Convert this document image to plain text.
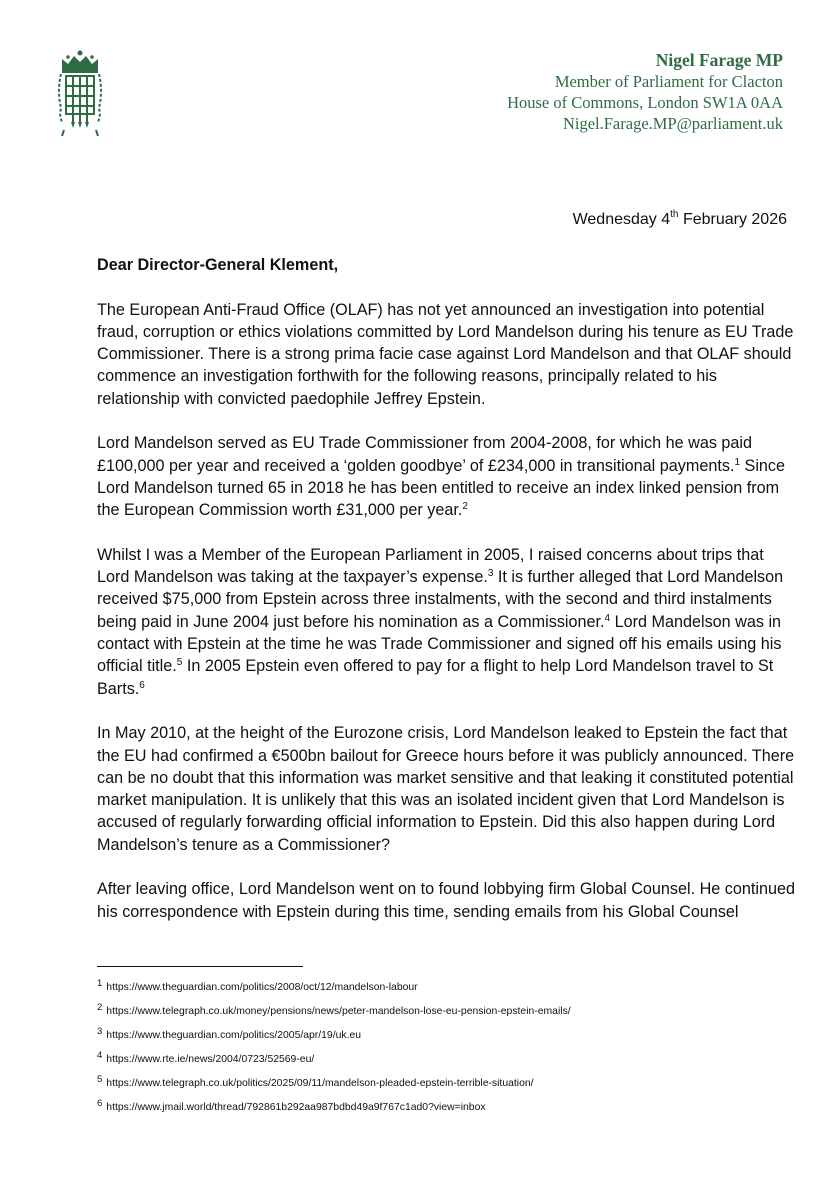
Nigel Farage MP
Member of Parliament for Clacton
House of Commons, London SW1A 0AA
Nigel.Farage.MP@parliament.uk
Wednesday 4th February 2026

Dear Director-General Klement,

The European Anti-Fraud Office (OLAF) has not yet announced an investigation into potential fraud, corruption or ethics violations committed by Lord Mandelson during his tenure as EU Trade Commissioner. There is a strong prima facie case against Lord Mandelson and that OLAF should commence an investigation forthwith for the following reasons, principally related to his relationship with convicted paedophile Jeffrey Epstein.

Lord Mandelson served as EU Trade Commissioner from 2004-2008, for which he was paid £100,000 per year and received a ‘golden goodbye’ of £234,000 in transitional payments.$^1$ Since Lord Mandelson turned 65 in 2018 he has been entitled to receive an index linked pension from the European Commission worth £31,000 per year.$^2$

Whilst I was a Member of the European Parliament in 2005, I raised concerns about trips that Lord Mandelson was taking at the taxpayer’s expense.$^3$ It is further alleged that Lord Mandelson received $75,000 from Epstein across three instalments, with the second and third instalments being paid in June 2004 just before his nomination as a Commissioner.$^4$ Lord Mandelson was in contact with Epstein at the time he was Trade Commissioner and signed off his emails using his official title.$^5$ In 2005 Epstein even offered to pay for a flight to help Lord Mandelson travel to St Barts.$^6$

In May 2010, at the height of the Eurozone crisis, Lord Mandelson leaked to Epstein the fact that the EU had confirmed a €500bn bailout for Greece hours before it was publicly announced. There can be no doubt that this information was market sensitive and that leaking it constituted potential market manipulation. It is unlikely that this was an isolated incident given that Lord Mandelson is accused of regularly forwarding official information to Epstein. Did this also happen during Lord Mandelson’s tenure as a Commissioner?

After leaving office, Lord Mandelson went on to found lobbying firm Global Counsel. He continued his correspondence with Epstein during this time, sending emails from his Global Counsel

$^1$ https://www.theguardian.com/politics/2008/oct/12/mandelson-labour
$^2$ https://www.telegraph.co.uk/money/pensions/news/peter-mandelson-lose-eu-pension-epstein-emails/
$^3$ https://www.theguardian.com/politics/2005/apr/19/uk.eu
$^4$ https://www.rte.ie/news/2004/0723/52569-eu/
$^5$ https://www.telegraph.co.uk/politics/2025/09/11/mandelson-pleaded-epstein-terrible-situation/
$^6$ https://www.jmail.world/thread/792861b292aa987bdbd49a9f767c1ad0?view=inbox
